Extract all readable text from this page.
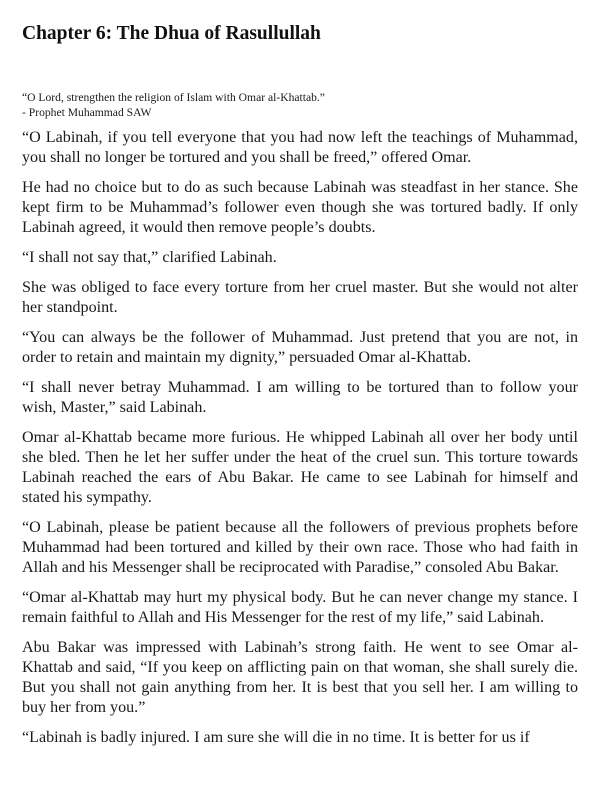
Chapter 6: The Dhua of Rasullullah
“O Lord, strengthen the religion of Islam with Omar al-Khattab.”
- Prophet Muhammad SAW

“O Labinah, if you tell everyone that you had now left the teachings of Muhammad, you shall no longer be tortured and you shall be freed,” offered Omar.

He had no choice but to do as such because Labinah was steadfast in her stance. She kept firm to be Muhammad’s follower even though she was tortured badly. If only Labinah agreed, it would then remove people’s doubts.

“I shall not say that,” clarified Labinah.

She was obliged to face every torture from her cruel master. But she would not alter her standpoint.

“You can always be the follower of Muhammad. Just pretend that you are not, in order to retain and maintain my dignity,” persuaded Omar al-Khattab.

“I shall never betray Muhammad. I am willing to be tortured than to follow your wish, Master,” said Labinah.

Omar al-Khattab became more furious. He whipped Labinah all over her body until she bled. Then he let her suffer under the heat of the cruel sun. This torture towards Labinah reached the ears of Abu Bakar. He came to see Labinah for himself and stated his sympathy.

“O Labinah, please be patient because all the followers of previous prophets before Muhammad had been tortured and killed by their own race. Those who had faith in Allah and his Messenger shall be reciprocated with Paradise,” consoled Abu Bakar.

“Omar al-Khattab may hurt my physical body. But he can never change my stance. I remain faithful to Allah and His Messenger for the rest of my life,” said Labinah.

Abu Bakar was impressed with Labinah’s strong faith. He went to see Omar al-Khattab and said, “If you keep on afflicting pain on that woman, she shall surely die. But you shall not gain anything from her. It is best that you sell her. I am willing to buy her from you.”

“Labinah is badly injured. I am sure she will die in no time. It is better for us if
